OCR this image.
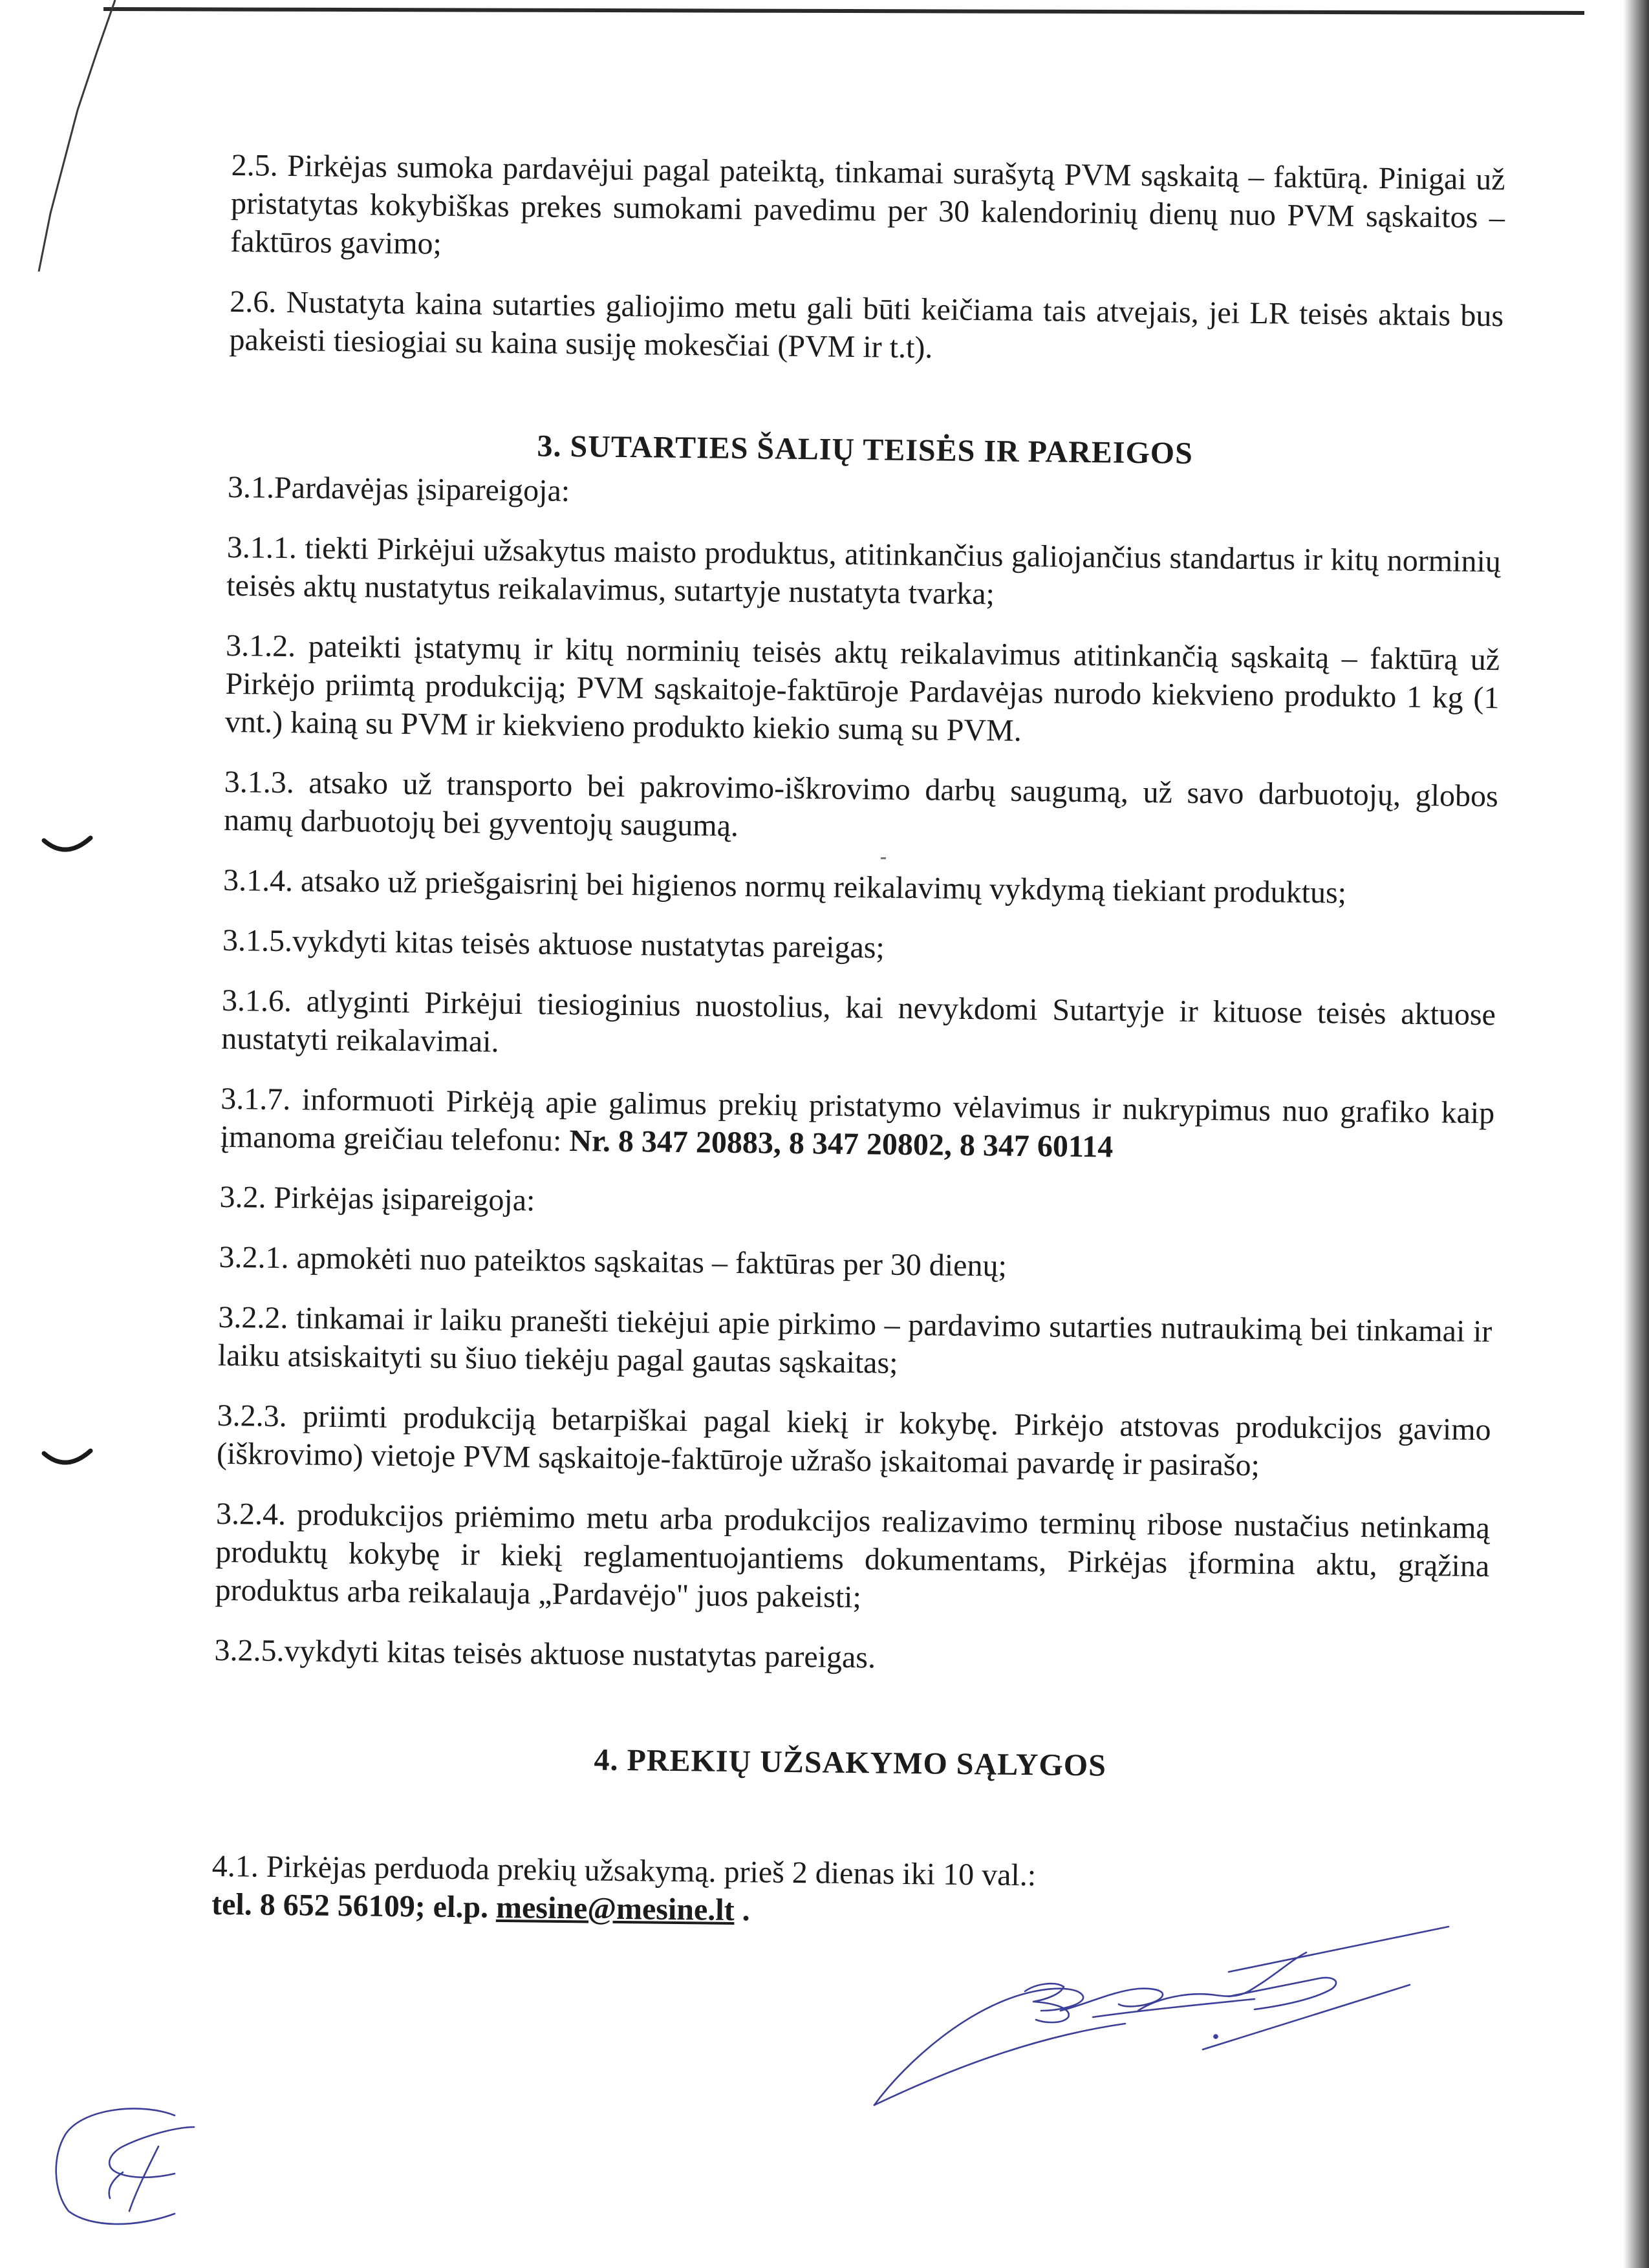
2.5. Pirkėjas sumoka pardavėjui pagal pateiktą, tinkamai surašytą PVM sąskaitą – faktūrą. Pinigai už pristatytas kokybiškas prekes sumokami pavedimu per 30 kalendorinių dienų nuo PVM sąskaitos – faktūros gavimo;

2.6. Nustatyta kaina sutarties galiojimo metu gali būti keičiama tais atvejais, jei LR teisės aktais bus pakeisti tiesiogiai su kaina susiję mokesčiai (PVM ir t.t).

3. SUTARTIES ŠALIŲ TEISĖS IR PAREIGOS

3.1.Pardavėjas įsipareigoja:

3.1.1. tiekti Pirkėjui užsakytus maisto produktus, atitinkančius galiojančius standartus ir kitų norminių teisės aktų nustatytus reikalavimus, sutartyje nustatyta tvarka;

3.1.2. pateikti įstatymų ir kitų norminių teisės aktų reikalavimus atitinkančią sąskaitą – faktūrą už Pirkėjo priimtą produkciją; PVM sąskaitoje-faktūroje Pardavėjas nurodo kiekvieno produkto 1 kg (1 vnt.) kainą su PVM ir kiekvieno produkto kiekio sumą su PVM.

3.1.3. atsako už transporto bei pakrovimo-iškrovimo darbų saugumą, už savo darbuotojų, globos namų darbuotojų bei gyventojų saugumą.

3.1.4. atsako už priešgaisrinį bei higienos normų reikalavimų vykdymą tiekiant produktus;

3.1.5.vykdyti kitas teisės aktuose nustatytas pareigas;

3.1.6. atlyginti Pirkėjui tiesioginius nuostolius, kai nevykdomi Sutartyje ir kituose teisės aktuose nustatyti reikalavimai.

3.1.7. informuoti Pirkėją apie galimus prekių pristatymo vėlavimus ir nukrypimus nuo grafiko kaip įmanoma greičiau telefonu: Nr. 8 347 20883, 8 347 20802, 8 347 60114

3.2. Pirkėjas įsipareigoja:

3.2.1. apmokėti nuo pateiktos sąskaitas – faktūras per 30 dienų;

3.2.2. tinkamai ir laiku pranešti tiekėjui apie pirkimo – pardavimo sutarties nutraukimą bei tinkamai ir laiku atsiskaityti su šiuo tiekėju pagal gautas sąskaitas;

3.2.3. priimti produkciją betarpiškai pagal kiekį ir kokybę. Pirkėjo atstovas produkcijos gavimo (iškrovimo) vietoje PVM sąskaitoje-faktūroje užrašo įskaitomai pavardę ir pasirašo;

3.2.4. produkcijos priėmimo metu arba produkcijos realizavimo terminų ribose nustačius netinkamą produktų kokybę ir kiekį reglamentuojantiems dokumentams, Pirkėjas įformina aktu, grąžina produktus arba reikalauja „Pardavėjo" juos pakeisti;

3.2.5.vykdyti kitas teisės aktuose nustatytas pareigas.

4. PREKIŲ UŽSAKYMO SĄLYGOS

4.1. Pirkėjas perduoda prekių užsakymą. prieš 2 dienas iki 10 val.:

tel. 8 652 56109; el.p. mesine@mesine.lt .
